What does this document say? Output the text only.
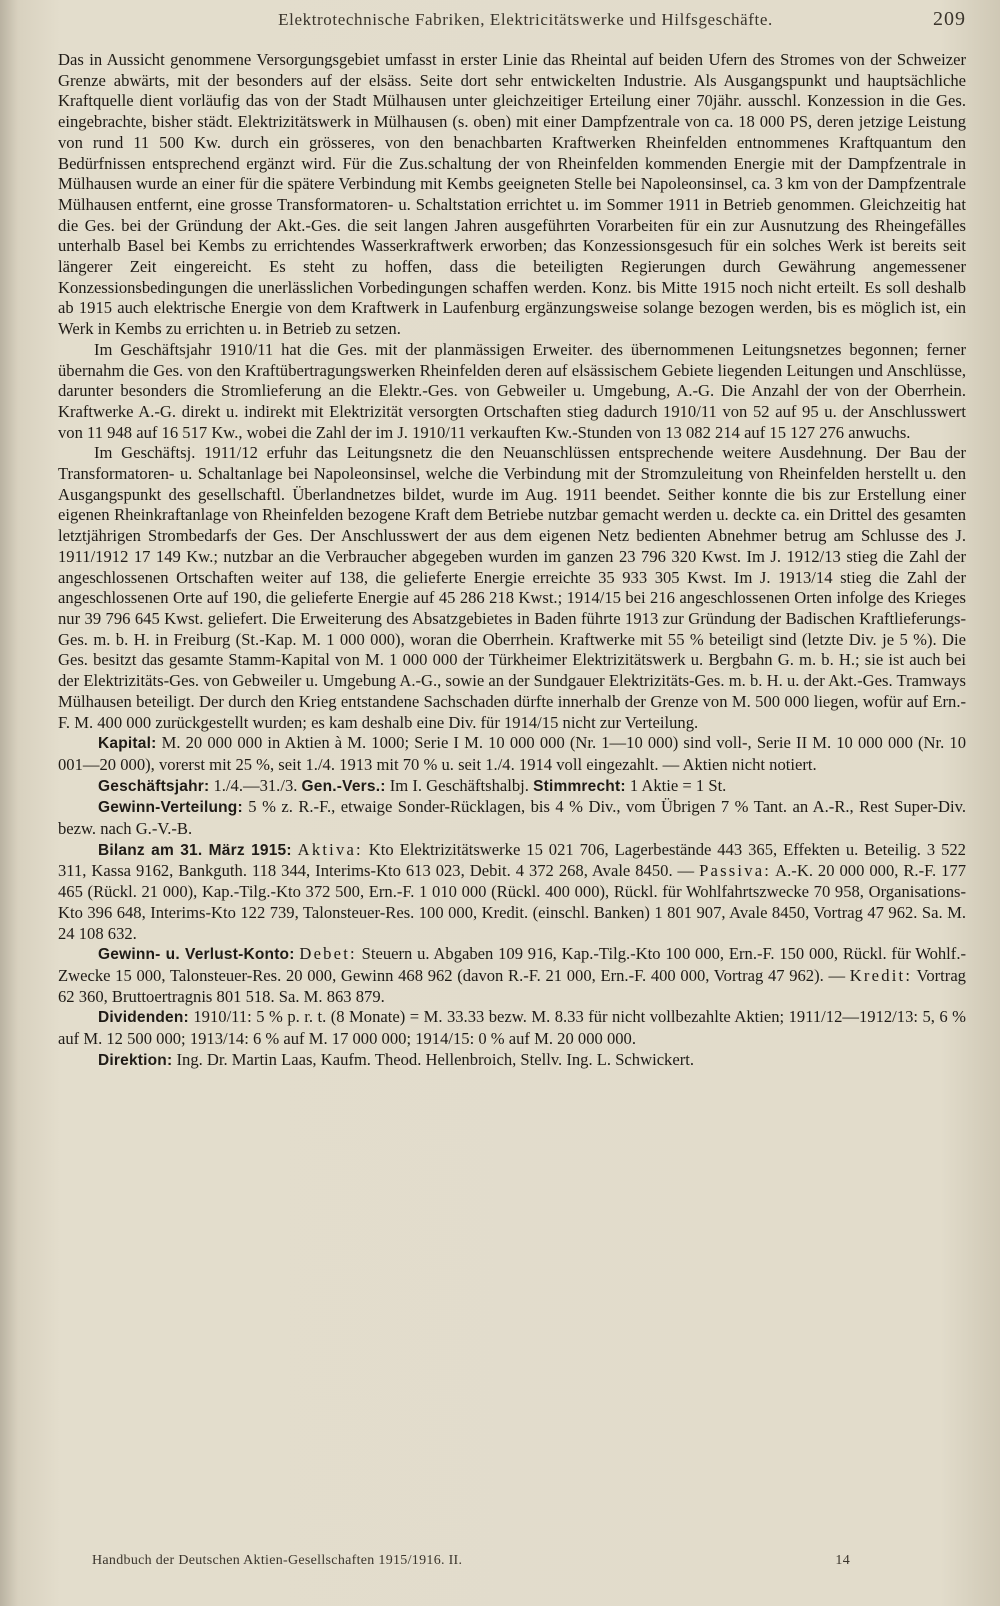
Elektrotechnische Fabriken, Elektricitätswerke und Hilfsgeschäfte.	209

Das in Aussicht genommene Versorgungsgebiet umfasst in erster Linie das Rheintal auf beiden Ufern des Stromes von der Schweizer Grenze abwärts, mit der besonders auf der elsäss. Seite dort sehr entwickelten Industrie. Als Ausgangspunkt und hauptsächliche Kraftquelle dient vorläufig das von der Stadt Mülhausen unter gleichzeitiger Erteilung einer 70jähr. ausschl. Konzession in die Ges. eingebrachte, bisher städt. Elektrizitätswerk in Mülhausen (s. oben) mit einer Dampfzentrale von ca. 18 000 PS, deren jetzige Leistung von rund 11 500 Kw. durch ein grösseres, von den benachbarten Kraftwerken Rheinfelden entnommenes Kraftquantum den Bedürfnissen entsprechend ergänzt wird. Für die Zus.schaltung der von Rheinfelden kommenden Energie mit der Dampfzentrale in Mülhausen wurde an einer für die spätere Verbindung mit Kembs geeigneten Stelle bei Napoleonsinsel, ca. 3 km von der Dampfzentrale Mülhausen entfernt, eine grosse Transformatoren- u. Schaltstation errichtet u. im Sommer 1911 in Betrieb genommen. Gleichzeitig hat die Ges. bei der Gründung der Akt.-Ges. die seit langen Jahren ausgeführten Vorarbeiten für ein zur Ausnutzung des Rheingefälles unterhalb Basel bei Kembs zu errichtendes Wasserkraftwerk erworben; das Konzessionsgesuch für ein solches Werk ist bereits seit längerer Zeit eingereicht. Es steht zu hoffen, dass die beteiligten Regierungen durch Gewährung angemessener Konzessionsbedingungen die unerlässlichen Vorbedingungen schaffen werden. Konz. bis Mitte 1915 noch nicht erteilt. Es soll deshalb ab 1915 auch elektrische Energie von dem Kraftwerk in Laufenburg ergänzungsweise solange bezogen werden, bis es möglich ist, ein Werk in Kembs zu errichten u. in Betrieb zu setzen.

Im Geschäftsjahr 1910/11 hat die Ges. mit der planmässigen Erweiter. des übernommenen Leitungsnetzes begonnen; ferner übernahm die Ges. von den Kraftübertragungswerken Rheinfelden deren auf elsässischem Gebiete liegenden Leitungen und Anschlüsse, darunter besonders die Stromlieferung an die Elektr.-Ges. von Gebweiler u. Umgebung, A.-G. Die Anzahl der von der Oberrhein. Kraftwerke A.-G. direkt u. indirekt mit Elektrizität versorgten Ortschaften stieg dadurch 1910/11 von 52 auf 95 u. der Anschlusswert von 11 948 auf 16 517 Kw., wobei die Zahl der im J. 1910/11 verkauften Kw.-Stunden von 13 082 214 auf 15 127 276 anwuchs.

Im Geschäftsj. 1911/12 erfuhr das Leitungsnetz die den Neuanschlüssen entsprechende weitere Ausdehnung. Der Bau der Transformatoren- u. Schaltanlage bei Napoleonsinsel, welche die Verbindung mit der Stromzuleitung von Rheinfelden herstellt u. den Ausgangspunkt des gesellschaftl. Überlandnetzes bildet, wurde im Aug. 1911 beendet. Seither konnte die bis zur Erstellung einer eigenen Rheinkraftanlage von Rheinfelden bezogene Kraft dem Betriebe nutzbar gemacht werden u. deckte ca. ein Drittel des gesamten letztjährigen Strombedarfs der Ges. Der Anschlusswert der aus dem eigenen Netz bedienten Abnehmer betrug am Schlusse des J. 1911/1912 17 149 Kw.; nutzbar an die Verbraucher abgegeben wurden im ganzen 23 796 320 Kwst. Im J. 1912/13 stieg die Zahl der angeschlossenen Ortschaften weiter auf 138, die gelieferte Energie erreichte 35 933 305 Kwst. Im J. 1913/14 stieg die Zahl der angeschlossenen Orte auf 190, die gelieferte Energie auf 45 286 218 Kwst.; 1914/15 bei 216 angeschlossenen Orten infolge des Krieges nur 39 796 645 Kwst. geliefert. Die Erweiterung des Absatzgebietes in Baden führte 1913 zur Gründung der Badischen Kraftlieferungs-Ges. m. b. H. in Freiburg (St.-Kap. M. 1 000 000), woran die Oberrhein. Kraftwerke mit 55 % beteiligt sind (letzte Div. je 5 %). Die Ges. besitzt das gesamte Stamm-Kapital von M. 1 000 000 der Türkheimer Elektrizitätswerk u. Bergbahn G. m. b. H.; sie ist auch bei der Elektrizitäts-Ges. von Gebweiler u. Umgebung A.-G., sowie an der Sundgauer Elektrizitäts-Ges. m. b. H. u. der Akt.-Ges. Tramways Mülhausen beteiligt. Der durch den Krieg entstandene Sachschaden dürfte innerhalb der Grenze von M. 500 000 liegen, wofür auf Ern.-F. M. 400 000 zurückgestellt wurden; es kam deshalb eine Div. für 1914/15 nicht zur Verteilung.

Kapital: M. 20 000 000 in Aktien à M. 1000; Serie I M. 10 000 000 (Nr. 1—10 000) sind voll-, Serie II M. 10 000 000 (Nr. 10 001—20 000), vorerst mit 25 %, seit 1./4. 1913 mit 70 % u. seit 1./4. 1914 voll eingezahlt. — Aktien nicht notiert.

Geschäftsjahr: 1./4.—31./3. Gen.-Vers.: Im I. Geschäftshalbj. Stimmrecht: 1 Aktie = 1 St.

Gewinn-Verteilung: 5 % z. R.-F., etwaige Sonder-Rücklagen, bis 4 % Div., vom Übrigen 7 % Tant. an A.-R., Rest Super-Div. bezw. nach G.-V.-B.

Bilanz am 31. März 1915: Aktiva: Kto Elektrizitätswerke 15 021 706, Lagerbestände 443 365, Effekten u. Beteilig. 3 522 311, Kassa 9162, Bankguth. 118 344, Interims-Kto 613 023, Debit. 4 372 268, Avale 8450. — Passiva: A.-K. 20 000 000, R.-F. 177 465 (Rückl. 21 000), Kap.-Tilg.-Kto 372 500, Ern.-F. 1 010 000 (Rückl. 400 000), Rückl. für Wohlfahrtszwecke 70 958, Organisations-Kto 396 648, Interims-Kto 122 739, Talonsteuer-Res. 100 000, Kredit. (einschl. Banken) 1 801 907, Avale 8450, Vortrag 47 962. Sa. M. 24 108 632.

Gewinn- u. Verlust-Konto: Debet: Steuern u. Abgaben 109 916, Kap.-Tilg.-Kto 100 000, Ern.-F. 150 000, Rückl. für Wohlf.-Zwecke 15 000, Talonsteuer-Res. 20 000, Gewinn 468 962 (davon R.-F. 21 000, Ern.-F. 400 000, Vortrag 47 962). — Kredit: Vortrag 62 360, Bruttoertragnis 801 518. Sa. M. 863 879.

Dividenden: 1910/11: 5 % p. r. t. (8 Monate) = M. 33.33 bezw. M. 8.33 für nicht vollbezahlte Aktien; 1911/12—1912/13: 5, 6 % auf M. 12 500 000; 1913/14: 6 % auf M. 17 000 000; 1914/15: 0 % auf M. 20 000 000.

Direktion: Ing. Dr. Martin Laas, Kaufm. Theod. Hellenbroich, Stellv. Ing. L. Schwickert.

Handbuch der Deutschen Aktien-Gesellschaften 1915/1916. II.	14
